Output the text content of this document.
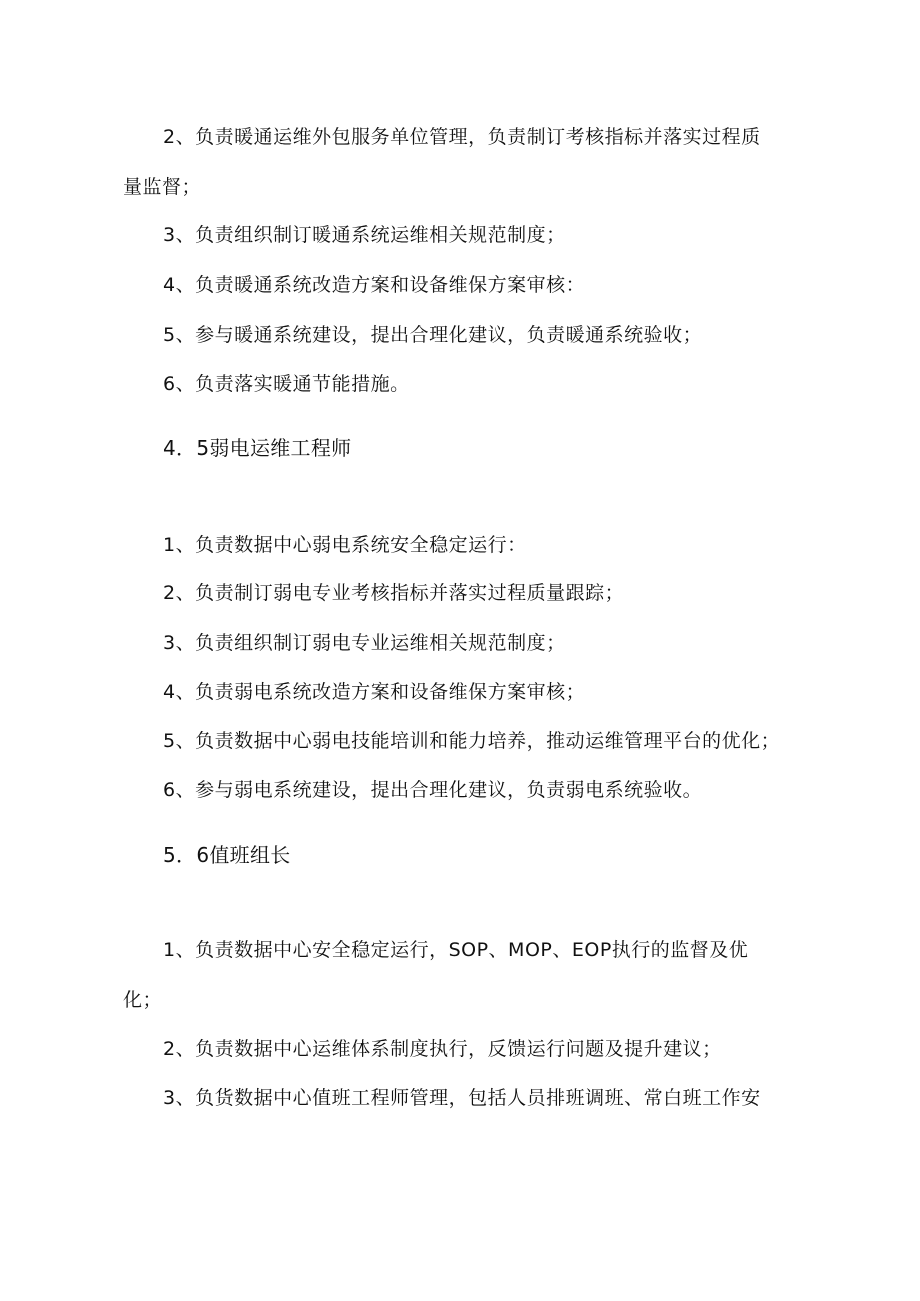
2、负责暖通运维外包服务单位管理，负责制订考核指标并落实过程质
量监督；
3、负责组织制订暖通系统运维相关规范制度；
4、负责暖通系统改造方案和设备维保方案审核：
5、参与暖通系统建设，提出合理化建议，负责暖通系统验收；
6、负责落实暖通节能措施。
4．5弱电运维工程师
1、负责数据中心弱电系统安全稳定运行：
2、负责制订弱电专业考核指标并落实过程质量跟踪；
3、负责组织制订弱电专业运维相关规范制度；
4、负责弱电系统改造方案和设备维保方案审核；
5、负责数据中心弱电技能培训和能力培养，推动运维管理平台的优化；
6、参与弱电系统建设，提出合理化建议，负责弱电系统验收。
5．6值班组长
1、负责数据中心安全稳定运行，SOP、MOP、EOP执行的监督及优
化；
2、负责数据中心运维体系制度执行，反馈运行问题及提升建议；
3、负货数据中心值班工程师管理，包括人员排班调班、常白班工作安
